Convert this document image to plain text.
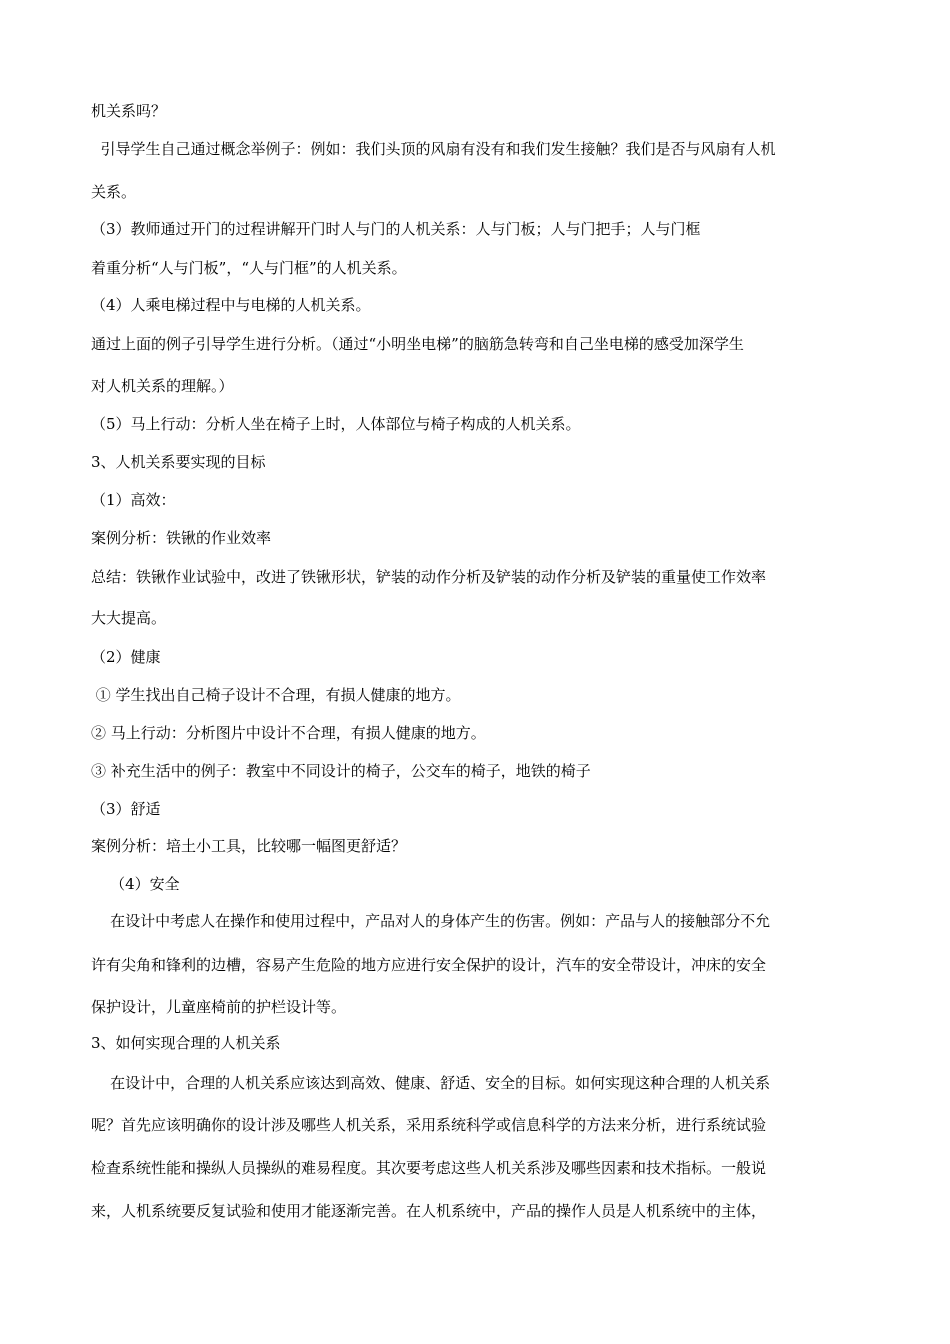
机关系吗？
引导学生自己通过概念举例子：例如：我们头顶的风扇有没有和我们发生接触？我们是否与风扇有人机
关系。
（3）教师通过开门的过程讲解开门时人与门的人机关系：人与门板；人与门把手；人与门框
着重分析“人与门板”，“人与门框”的人机关系。
（4）人乘电梯过程中与电梯的人机关系。
通过上面的例子引导学生进行分析。（通过“小明坐电梯”的脑筋急转弯和自己坐电梯的感受加深学生
对人机关系的理解。）
（5）马上行动：分析人坐在椅子上时，人体部位与椅子构成的人机关系。
3、人机关系要实现的目标
（1）高效：
案例分析：铁锹的作业效率
总结：铁锹作业试验中，改进了铁锹形状，铲装的动作分析及铲装的动作分析及铲装的重量使工作效率
大大提高。
（2）健康
① 学生找出自己椅子设计不合理，有损人健康的地方。
② 马上行动：分析图片中设计不合理，有损人健康的地方。
③ 补充生活中的例子：教室中不同设计的椅子，公交车的椅子，地铁的椅子
（3）舒适
案例分析：培土小工具，比较哪一幅图更舒适？
（4）安全
在设计中考虑人在操作和使用过程中，产品对人的身体产生的伤害。例如：产品与人的接触部分不允
许有尖角和锋利的边槽，容易产生危险的地方应进行安全保护的设计，汽车的安全带设计，冲床的安全
保护设计，儿童座椅前的护栏设计等。
3、如何实现合理的人机关系
在设计中，合理的人机关系应该达到高效、健康、舒适、安全的目标。如何实现这种合理的人机关系
呢？首先应该明确你的设计涉及哪些人机关系，采用系统科学或信息科学的方法来分析，进行系统试验
检查系统性能和操纵人员操纵的难易程度。其次要考虑这些人机关系涉及哪些因素和技术指标。一般说
来，人机系统要反复试验和使用才能逐渐完善。在人机系统中，产品的操作人员是人机系统中的主体，
